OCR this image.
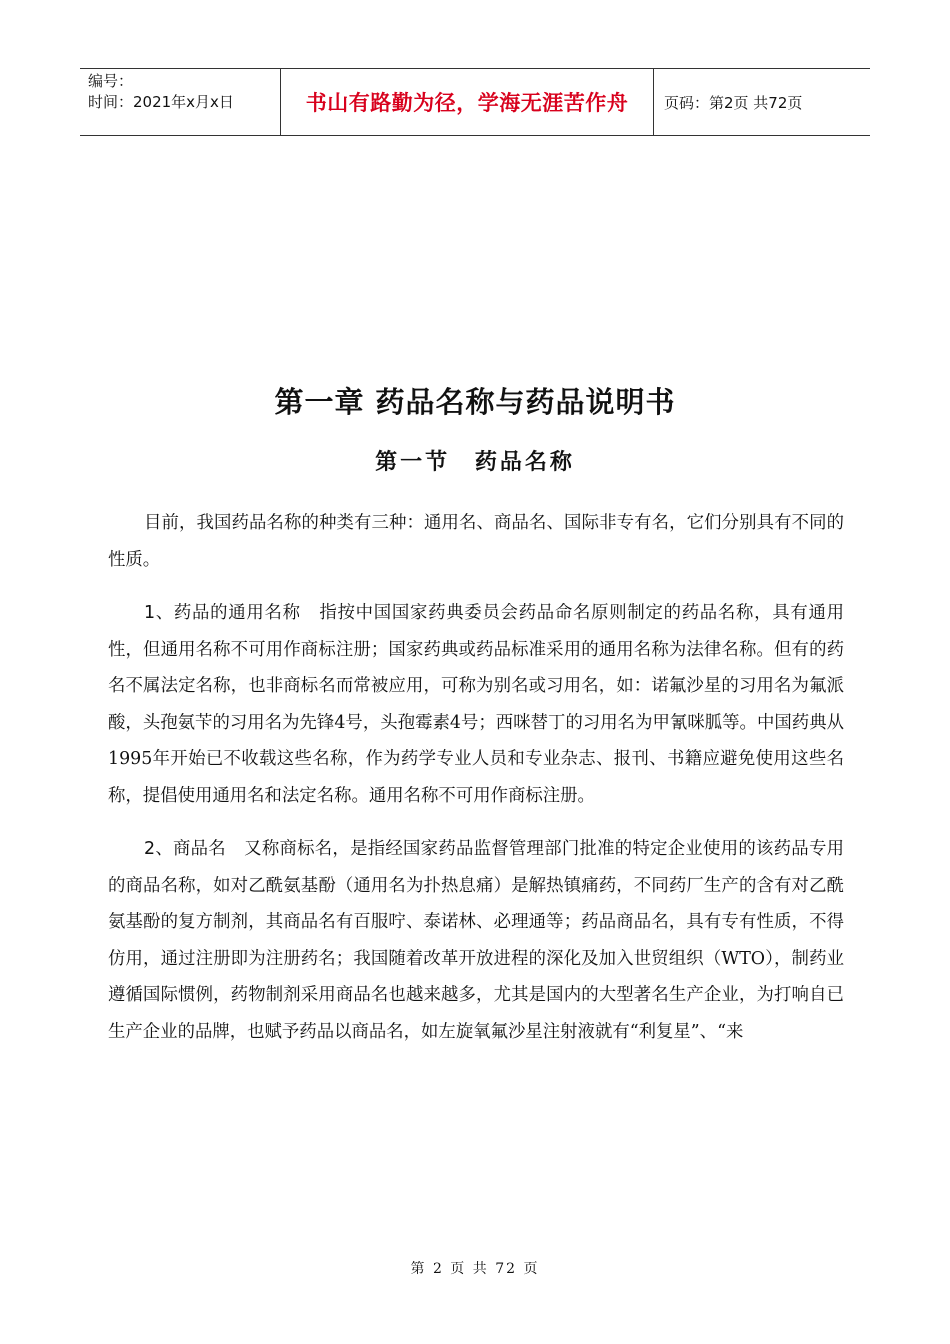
编号：
时间：2021年x月x日	书山有路勤为径，学海无涯苦作舟 页码：第2页 共72页
第一章 药品名称与药品说明书
第一节 药品名称

目前，我国药品名称的种类有三种：通用名、商品名、国际非专有名，它们分别具有不同的性质。

1、药品的通用名称 指按中国国家药典委员会药品命名原则制定的药品名称，具有通用性，但通用名称不可用作商标注册；国家药典或药品标准采用的通用名称为法律名称。但有的药名不属法定名称，也非商标名而常被应用，可称为别名或习用名，如：诺氟沙星的习用名为氟派酸，头孢氨苄的习用名为先锋4号，头孢霉素4号；西咪替丁的习用名为甲氰咪胍等。中国药典从1995年开始已不收载这些名称，作为药学专业人员和专业杂志、报刊、书籍应避免使用这些名称，提倡使用通用名和法定名称。通用名称不可用作商标注册。

2、商品名 又称商标名，是指经国家药品监督管理部门批准的特定企业使用的该药品专用的商品名称，如对乙酰氨基酚（通用名为扑热息痛）是解热镇痛药，不同药厂生产的含有对乙酰氨基酚的复方制剂，其商品名有百服咛、泰诺林、必理通等；药品商品名，具有专有性质，不得仿用，通过注册即为注册药名；我国随着改革开放进程的深化及加入世贸组织（WTO），制药业遵循国际惯例，药物制剂采用商品名也越来越多，尤其是国内的大型著名生产企业，为打响自已生产企业的品牌，也赋予药品以商品名，如左旋氧氟沙星注射液就有“利复星”、“来

第 2 页 共 72 页
